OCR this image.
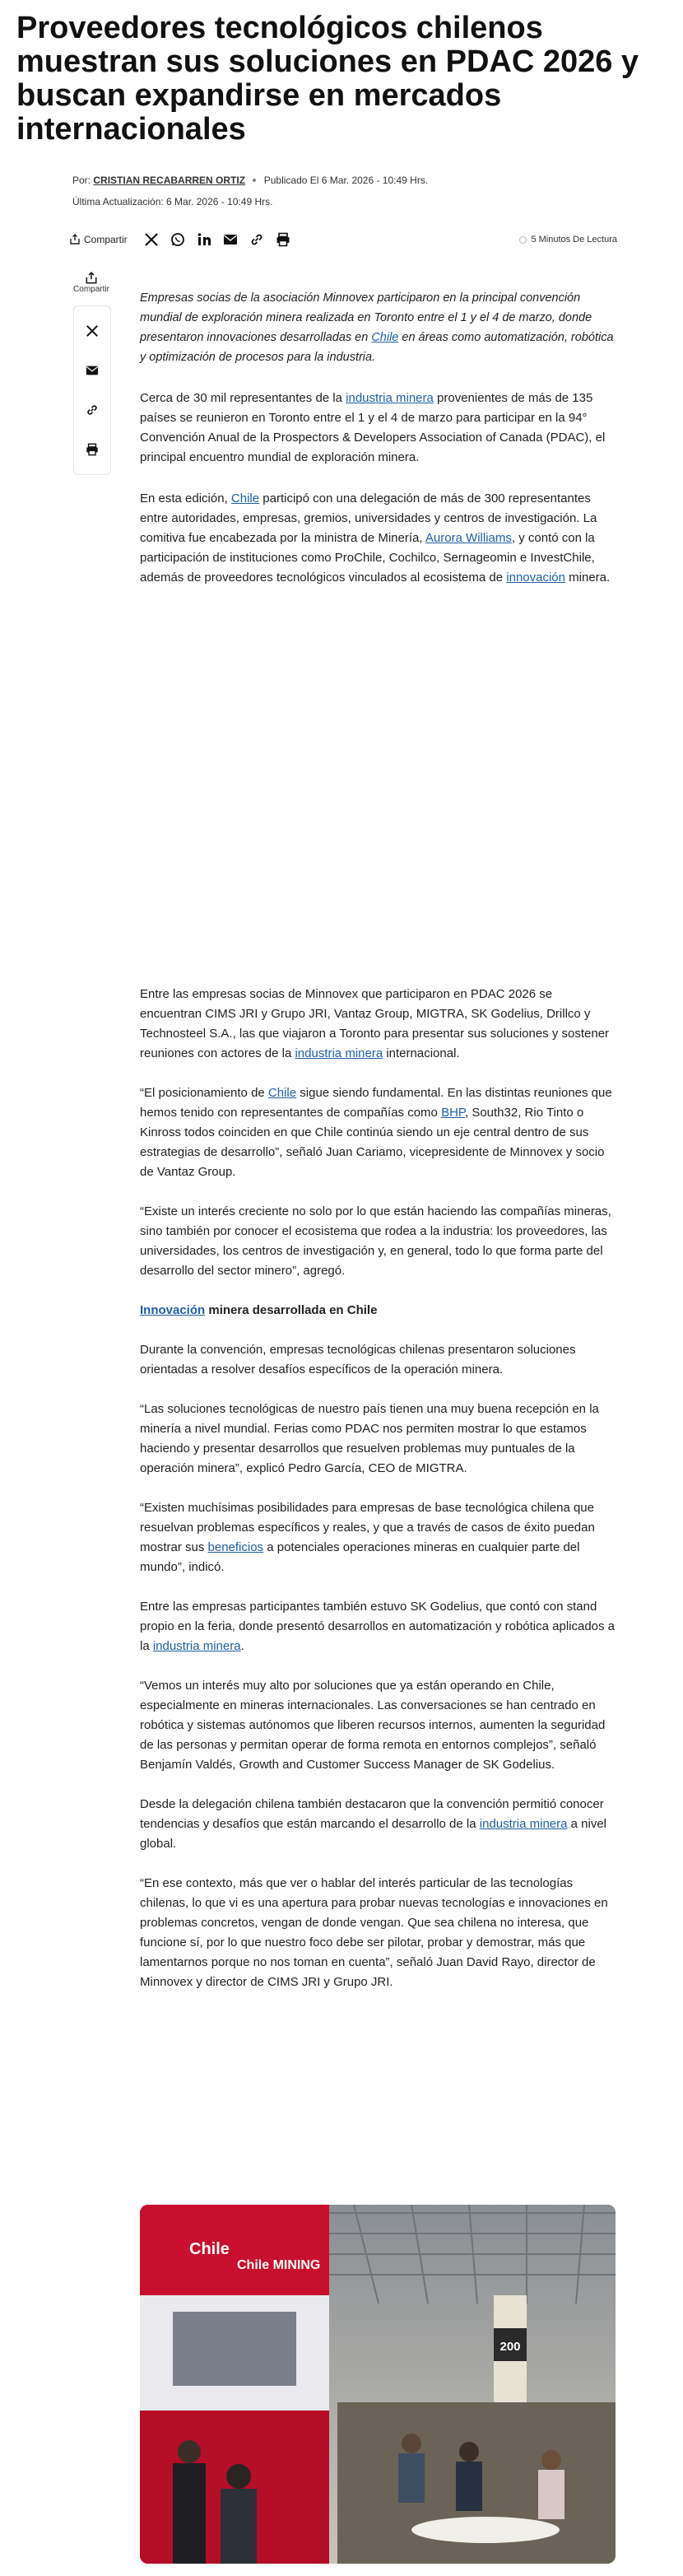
Proveedores tecnológicos chilenos muestran sus soluciones en PDAC 2026 y buscan expandirse en mercados internacionales
Por: CRISTIAN RECABARREN ORTIZ Publicado El 6 Mar. 2026 - 10:49 Hrs.
Última Actualización: 6 Mar. 2026 - 10:49 Hrs.
Compartir	5 Minutos De Lectura
Compartir

Empresas socias de la asociación Minnovex participaron en la principal convención mundial de exploración minera realizada en Toronto entre el 1 y el 4 de marzo, donde presentaron innovaciones desarrolladas en Chile en áreas como automatización, robótica y optimización de procesos para la industria.

Cerca de 30 mil representantes de la industria minera provenientes de más de 135 países se reunieron en Toronto entre el 1 y el 4 de marzo para participar en la 94° Convención Anual de la Prospectors & Developers Association of Canada (PDAC), el principal encuentro mundial de exploración minera.

En esta edición, Chile participó con una delegación de más de 300 representantes entre autoridades, empresas, gremios, universidades y centros de investigación. La comitiva fue encabezada por la ministra de Minería, Aurora Williams, y contó con la participación de instituciones como ProChile, Cochilco, Sernageomin e InvestChile, además de proveedores tecnológicos vinculados al ecosistema de innovación minera.

Entre las empresas socias de Minnovex que participaron en PDAC 2026 se encuentran CIMS JRI y Grupo JRI, Vantaz Group, MIGTRA, SK Godelius, Drillco y Technosteel S.A., las que viajaron a Toronto para presentar sus soluciones y sostener reuniones con actores de la industria minera internacional.

“El posicionamiento de Chile sigue siendo fundamental. En las distintas reuniones que hemos tenido con representantes de compañías como BHP, South32, Rio Tinto o Kinross todos coinciden en que Chile continúa siendo un eje central dentro de sus estrategias de desarrollo”, señaló Juan Cariamo, vicepresidente de Minnovex y socio de Vantaz Group.

“Existe un interés creciente no solo por lo que están haciendo las compañías mineras, sino también por conocer el ecosistema que rodea a la industria: los proveedores, las universidades, los centros de investigación y, en general, todo lo que forma parte del desarrollo del sector minero”, agregó.

Innovación minera desarrollada en Chile

Durante la convención, empresas tecnológicas chilenas presentaron soluciones orientadas a resolver desafíos específicos de la operación minera.

“Las soluciones tecnológicas de nuestro país tienen una muy buena recepción en la minería a nivel mundial. Ferias como PDAC nos permiten mostrar lo que estamos haciendo y presentar desarrollos que resuelven problemas muy puntuales de la operación minera”, explicó Pedro García, CEO de MIGTRA.

“Existen muchísimas posibilidades para empresas de base tecnológica chilena que resuelvan problemas específicos y reales, y que a través de casos de éxito puedan mostrar sus beneficios a potenciales operaciones mineras en cualquier parte del mundo”, indicó.

Entre las empresas participantes también estuvo SK Godelius, que contó con stand propio en la feria, donde presentó desarrollos en automatización y robótica aplicados a la industria minera.

“Vemos un interés muy alto por soluciones que ya están operando en Chile, especialmente en mineras internacionales. Las conversaciones se han centrado en robótica y sistemas autónomos que liberen recursos internos, aumenten la seguridad de las personas y permitan operar de forma remota en entornos complejos”, señaló Benjamín Valdés, Growth and Customer Success Manager de SK Godelius.

Desde la delegación chilena también destacaron que la convención permitió conocer tendencias y desafíos que están marcando el desarrollo de la industria minera a nivel global.

“En ese contexto, más que ver o hablar del interés particular de las tecnologías chilenas, lo que vi es una apertura para probar nuevas tecnologías e innovaciones en problemas concretos, vengan de donde vengan. Que sea chilena no interesa, que funcione sí, por lo que nuestro foco debe ser pilotar, probar y demostrar, más que lamentarnos porque no nos toman en cuenta”, señaló Juan David Rayo, director de Minnovex y director de CIMS JRI y Grupo JRI.

200
Chile
Chile MINING
